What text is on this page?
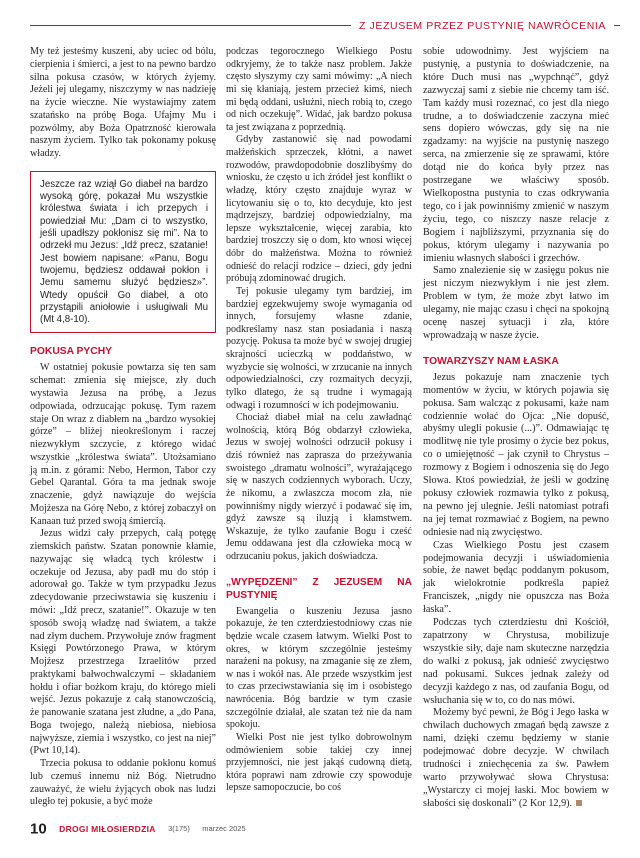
Z JEZUSEM PRZEZ PUSTYNIĘ NAWRÓCENIA

My też jesteśmy kuszeni, aby uciec od bólu, cierpienia i śmierci, a jest to na pewno bardzo silna pokusa czasów, w których żyjemy. Jeżeli jej ulegamy, niszczymy w nas nadzieję na życie wieczne. Nie wystawiajmy zatem szatańsko na próbę Boga. Ufajmy Mu i pozwólmy, aby Boża Opatrzność kierowała naszym życiem. Tylko tak pokonamy pokusę władzy.

Jeszcze raz wziął Go diabeł na bardzo wysoką górę, pokazał Mu wszystkie królestwa świata i ich przepych i powiedział Mu: „Dam ci to wszystko, jeśli upadłszy pokłonisz się mi”. Na to odrzekł mu Jezus: „Idź precz, szatanie! Jest bowiem napisane: «Panu, Bogu twojemu, będziesz oddawał pokłon i Jemu samemu służyć będziesz»”. Wtedy opuścił Go diabeł, a oto przystąpili aniołowie i usługiwali Mu (Mt 4,8-10).
POKUSA PYCHY

W ostatniej pokusie powtarza się ten sam schemat: zmienia się miejsce, zły duch wystawia Jezusa na próbę, a Jezus odpowiada, odrzucając pokusę. Tym razem staje On wraz z diabłem na „bardzo wysokiej górze” – bliżej nieokreślonym i raczej niezwykłym szczycie, z którego widać wszystkie „królestwa świata”. Utożsamiano ją m.in. z górami: Nebo, Hermon, Tabor czy Gebel Qarantal. Góra ta ma jednak swoje znaczenie, gdyż nawiązuje do wejścia Mojżesza na Górę Nebo, z której zobaczył on Kanaan tuż przed swoją śmiercią.

Jezus widzi cały przepych, całą potęgę ziemskich państw. Szatan ponownie kłamie, nazywając się władcą tych królestw i oczekuje od Jezusa, aby padł mu do stóp i adorował go. Także w tym przypadku Jezus zdecydowanie przeciwstawia się kuszeniu i mówi: „Idź precz, szatanie!”. Okazuje w ten sposób swoją władzę nad światem, a także nad złym duchem. Przywołuje znów fragment Księgi Powtórzonego Prawa, w którym Mojżesz przestrzega Izraelitów przed praktykami bałwochwalczymi – składaniem hołdu i ofiar bożkom kraju, do którego mieli wejść. Jezus pokazuje z całą stanowczością, że panowanie szatana jest złudne, a „do Pana, Boga twojego, należą niebiosa, niebiosa najwyższe, ziemia i wszystko, co jest na niej” (Pwt 10,14).

Trzecia pokusa to oddanie pokłonu komuś lub czemuś innemu niż Bóg. Nietrudno zauważyć, że wielu żyjących obok nas ludzi uległo tej pokusie, a być może

podczas tegorocznego Wielkiego Postu odkryjemy, że to także nasz problem. Jakże często słyszymy czy sami mówimy: „A niech mi się kłaniają, jestem przecież kimś, niech mi będą oddani, usłużni, niech robią to, czego od nich oczekuję”. Widać, jak bardzo pokusa ta jest związana z poprzednią.

Gdyby zastanowić się nad powodami małżeńskich sprzeczek, kłótni, a nawet rozwodów, prawdopodobnie doszlibyśmy do wniosku, że często u ich źródeł jest konflikt o władzę, który często znajduje wyraz w licytowaniu się o to, kto decyduje, kto jest mądrzejszy, bardziej odpowiedzialny, ma lepsze wykształcenie, więcej zarabia, kto bardziej troszczy się o dom, kto wnosi więcej dóbr do małżeństwa. Można to również odnieść do relacji rodzice – dzieci, gdy jedni próbują zdominować drugich.

Tej pokusie ulegamy tym bardziej, im bardziej egzekwujemy swoje wymagania od innych, forsujemy własne zdanie, podkreślamy nasz stan posiadania i naszą pozycję. Pokusa ta może być w swojej drugiej skrajności ucieczką w poddaństwo, w wyzbycie się wolności, w zrzucanie na innych odpowiedzialności, czy rozmaitych decyzji, tylko dlatego, że są trudne i wymagają odwagi i rozumności w ich podejmowaniu.

Chociaż diabeł miał na celu zawładnąć wolnością, którą Bóg obdarzył człowieka, Jezus w swojej wolności odrzucił pokusy i dziś również nas zaprasza do przeżywania swoistego „dramatu wolności”, wyrażającego się w naszych codziennych wyborach. Uczy, że nikomu, a zwłaszcza mocom zła, nie powinniśmy nigdy wierzyć i podawać się im, gdyż zawsze są iluzją i kłamstwem. Wskazuje, że tylko zaufanie Bogu i cześć Jemu oddawana jest dla człowieka mocą w odrzucaniu pokus, jakich doświadcza.

„WYPĘDZENI” Z JEZUSEM NA PUSTYNIĘ

Ewangelia o kuszeniu Jezusa jasno pokazuje, że ten czterdziestodniowy czas nie będzie wcale czasem łatwym. Wielki Post to okres, w którym szczególnie jesteśmy narażeni na pokusy, na zmaganie się ze złem, w nas i wokół nas. Ale przede wszystkim jest to czas przeciwstawiania się im i osobistego nawrócenia. Bóg bardzie w tym czasie szczególnie działał, ale szatan też nie da nam spokoju.

Wielki Post nie jest tylko dobrowolnym odmówieniem sobie takiej czy innej przyjemności, nie jest jakąś cudowną dietą, która poprawi nam zdrowie czy spowoduje lepsze samopoczucie, bo coś

sobie udowodnimy. Jest wyjściem na pustynię, a pustynia to doświadczenie, na które Duch musi nas „wypchnąć”, gdyż zazwyczaj sami z siebie nie chcemy tam iść. Tam każdy musi rozeznać, co jest dla niego trudne, a to doświadczenie zaczyna mieć sens dopiero wówczas, gdy się na nie zgadzamy: na wyjście na pustynię naszego serca, na zmierzenie się ze sprawami, które dotąd nie do końca były przez nas postrzegane we właściwy sposób. Wielkopostna pustynia to czas odkrywania tego, co i jak powinniśmy zmienić w naszym życiu, tego, co niszczy nasze relacje z Bogiem i najbliższymi, przyznania się do pokus, którym ulegamy i nazywania po imieniu własnych słabości i grzechów.

Samo znalezienie się w zasięgu pokus nie jest niczym niezwykłym i nie jest złem. Problem w tym, że może zbyt łatwo im ulegamy, nie mając czasu i chęci na spokojną ocenę naszej sytuacji i zła, które wprowadzają w nasze życie.

TOWARZYSZY NAM ŁASKA

Jezus pokazuje nam znaczenie tych momentów w życiu, w których pojawia się pokusa. Sam walcząc z pokusami, każe nam codziennie wołać do Ojca: „Nie dopuść, abyśmy ulegli pokusie (...)”. Odmawiając tę modlitwę nie tyle prosimy o życie bez pokus, co o umiejętność – jak czynił to Chrystus – rozmowy z Bogiem i odnoszenia się do Jego Słowa. Ktoś powiedział, że jeśli w godzinę pokusy człowiek rozmawia tylko z pokusą, na pewno jej ulegnie. Jeśli natomiast potrafi na jej temat rozmawiać z Bogiem, na pewno odniesie nad nią zwycięstwo.

Czas Wielkiego Postu jest czasem podejmowania decyzji i uświadomienia sobie, że nawet będąc poddanym pokusom, jak wielokrotnie podkreśla papież Franciszek, „nigdy nie opuszcza nas Boża łaska”.

Podczas tych czterdziestu dni Kościół, zapatrzony w Chrystusa, mobilizuje wszystkie siły, daje nam skuteczne narzędzia do walki z pokusą, jak odnieść zwycięstwo nad pokusami. Sukces jednak zależy od decyzji każdego z nas, od zaufania Bogu, od wsłuchania się w to, co do nas mówi.

Możemy być pewni, że Bóg i Jego łaska w chwilach duchowych zmagań będą zawsze z nami, dzięki czemu będziemy w stanie podejmować dobre decyzje. W chwilach trudności i zniechęcenia za św. Pawłem warto przywoływać słowa Chrystusa: „Wystarczy ci mojej łaski. Moc bowiem w słabości się doskonali” (2 Kor 12,9).

10 DROGI MIŁOSIERDZIA 3(175) marzec 2025
